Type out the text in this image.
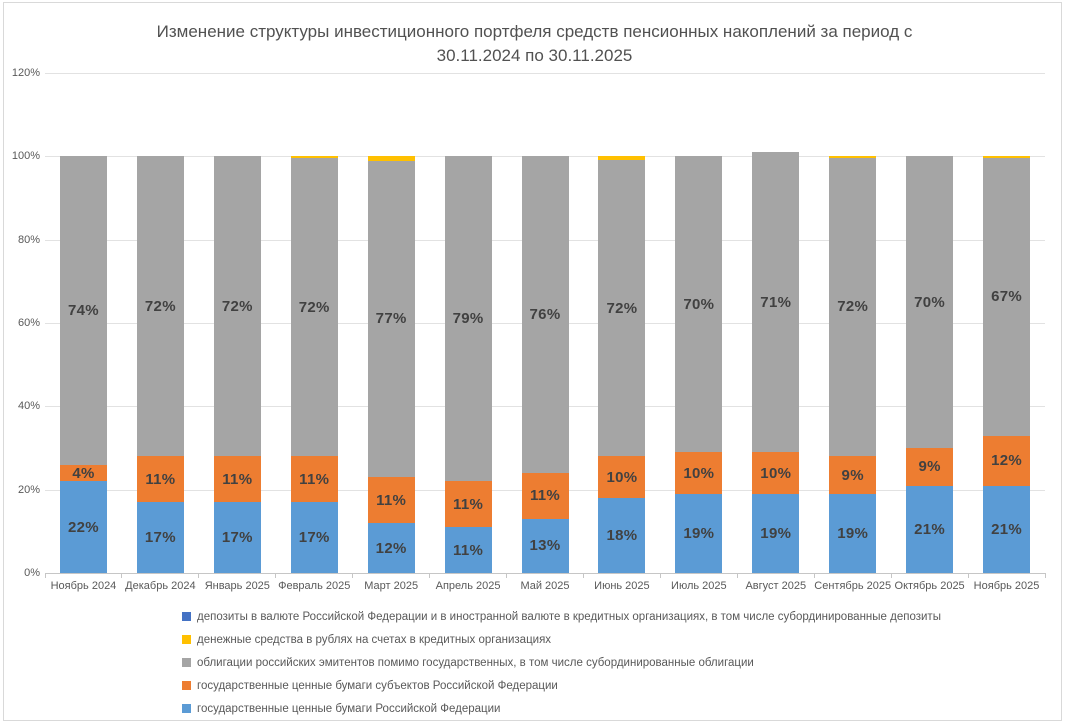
Изменение структуры инвестиционного портфеля средств пенсионных накоплений за период с
30.11.2024 по 30.11.2025
0%
20%
40%
60%
80%
100%
120%
22%
4%
74%
Ноябрь 2024
17%
11%
72%
Декабрь 2024
17%
11%
72%
Январь 2025
17%
11%
72%
Февраль 2025
12%
11%
77%
Март 2025
11%
11%
79%
Апрель 2025
13%
11%
76%
Май 2025
18%
10%
72%
Июнь 2025
19%
10%
70%
Июль 2025
19%
10%
71%
Август 2025
19%
9%
72%
Сентябрь 2025
21%
9%
70%
Октябрь 2025
21%
12%
67%
Ноябрь 2025
депозиты в валюте Российской Федерации и в иностранной валюте в кредитных организациях, в том числе субординированные депозиты
денежные средства в рублях на счетах в кредитных организациях
облигации российских эмитентов помимо государственных, в том числе субординированные облигации
государственные ценные бумаги субъектов Российской Федерации
государственные ценные бумаги Российской Федерации
